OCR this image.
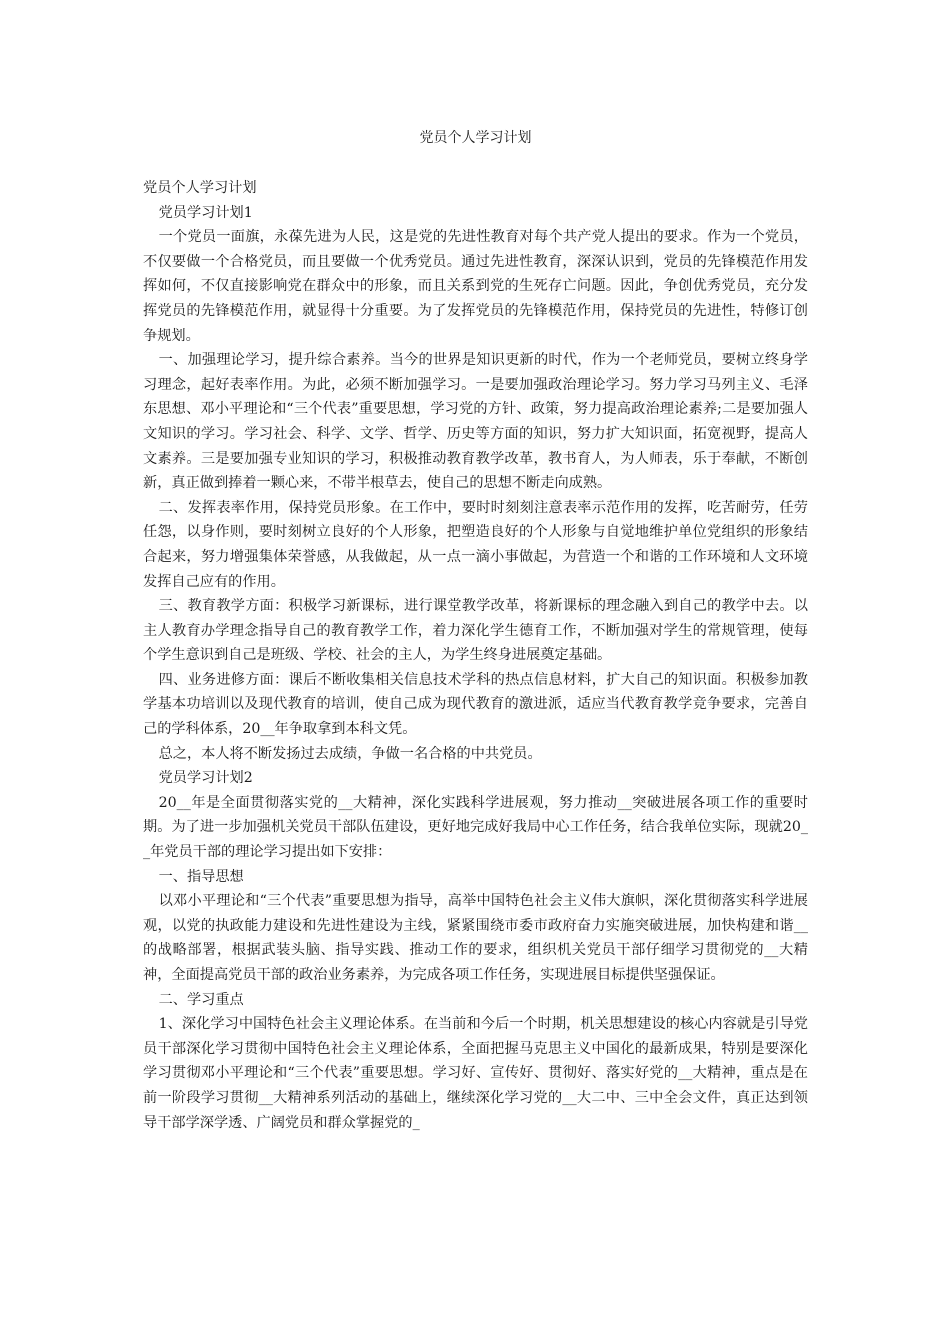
党员个人学习计划

党员个人学习计划

党员学习计划1

一个党员一面旗，永葆先进为人民，这是党的先进性教育对每个共产党人提出的要求。作为一个党员，不仅要做一个合格党员，而且要做一个优秀党员。通过先进性教育，深深认识到，党员的先锋模范作用发挥如何，不仅直接影响党在群众中的形象，而且关系到党的生死存亡问题。因此，争创优秀党员，充分发挥党员的先锋模范作用，就显得十分重要。为了发挥党员的先锋模范作用，保持党员的先进性，特修订创争规划。

一、加强理论学习，提升综合素养。当今的世界是知识更新的时代，作为一个老师党员，要树立终身学习理念，起好表率作用。为此，必须不断加强学习。一是要加强政治理论学习。努力学习马列主义、毛泽东思想、邓小平理论和“三个代表”重要思想，学习党的方针、政策，努力提高政治理论素养;二是要加强人文知识的学习。学习社会、科学、文学、哲学、历史等方面的知识，努力扩大知识面，拓宽视野，提高人文素养。三是要加强专业知识的学习，积极推动教育教学改革，教书育人，为人师表，乐于奉献，不断创新，真正做到捧着一颗心来，不带半根草去，使自己的思想不断走向成熟。

二、发挥表率作用，保持党员形象。在工作中，要时时刻刻注意表率示范作用的发挥，吃苦耐劳，任劳任怨，以身作则，要时刻树立良好的个人形象，把塑造良好的个人形象与自觉地维护单位党组织的形象结合起来，努力增强集体荣誉感，从我做起，从一点一滴小事做起，为营造一个和谐的工作环境和人文环境发挥自己应有的作用。

三、教育教学方面：积极学习新课标，进行课堂教学改革，将新课标的理念融入到自己的教学中去。以主人教育办学理念指导自己的教育教学工作，着力深化学生德育工作，不断加强对学生的常规管理，使每个学生意识到自己是班级、学校、社会的主人，为学生终身进展奠定基础。

四、业务进修方面：课后不断收集相关信息技术学科的热点信息材料，扩大自己的知识面。积极参加教学基本功培训以及现代教育的培训，使自己成为现代教育的激进派，适应当代教育教学竞争要求，完善自己的学科体系，20__年争取拿到本科文凭。

总之，本人将不断发扬过去成绩，争做一名合格的中共党员。

党员学习计划2

20__年是全面贯彻落实党的__大精神，深化实践科学进展观，努力推动__突破进展各项工作的重要时期。为了进一步加强机关党员干部队伍建设，更好地完成好我局中心工作任务，结合我单位实际，现就20__年党员干部的理论学习提出如下安排：

一、指导思想

以邓小平理论和“三个代表”重要思想为指导，高举中国特色社会主义伟大旗帜，深化贯彻落实科学进展观，以党的执政能力建设和先进性建设为主线，紧紧围绕市委市政府奋力实施突破进展，加快构建和谐__的战略部署，根据武装头脑、指导实践、推动工作的要求，组织机关党员干部仔细学习贯彻党的__大精神，全面提高党员干部的政治业务素养，为完成各项工作任务，实现进展目标提供坚强保证。

二、学习重点

1、深化学习中国特色社会主义理论体系。在当前和今后一个时期，机关思想建设的核心内容就是引导党员干部深化学习贯彻中国特色社会主义理论体系，全面把握马克思主义中国化的最新成果，特别是要深化学习贯彻邓小平理论和“三个代表”重要思想。学习好、宣传好、贯彻好、落实好党的__大精神，重点是在前一阶段学习贯彻__大精神系列活动的基础上，继续深化学习党的__大二中、三中全会文件，真正达到领导干部学深学透、广阔党员和群众掌握党的_
